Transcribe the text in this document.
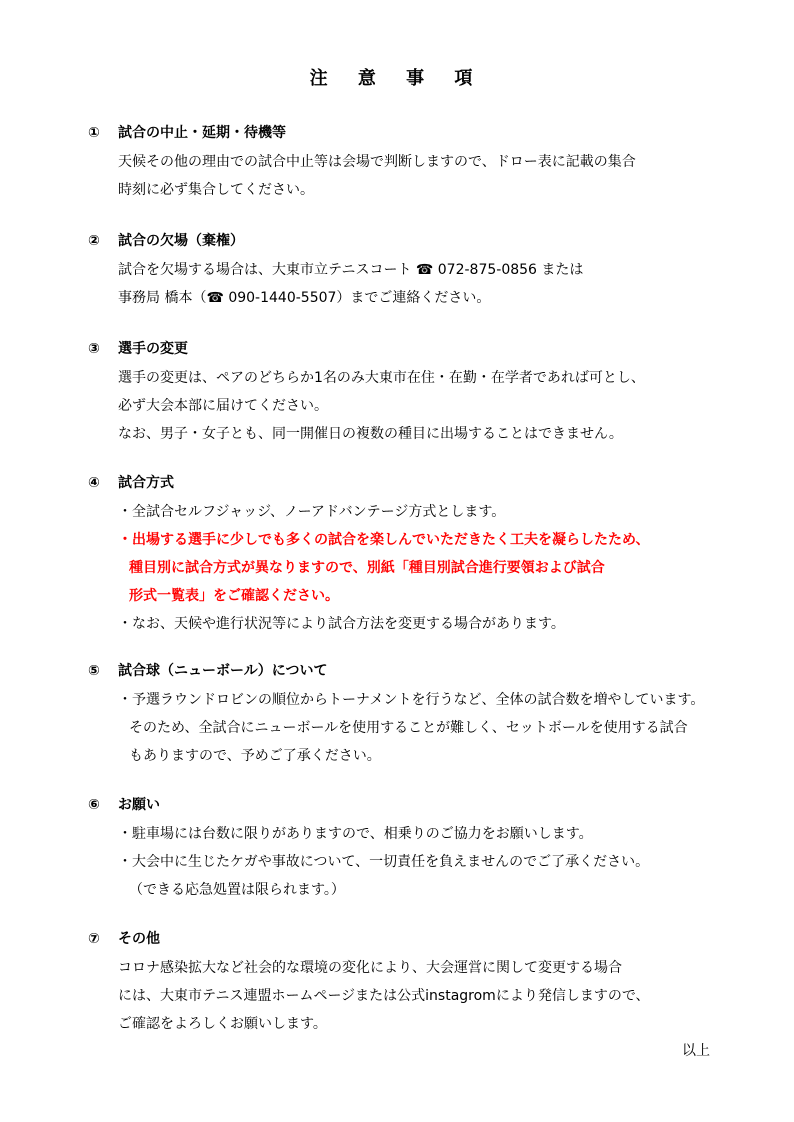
注 意 事 項
①	試合の中止・延期・待機等
天候その他の理由での試合中止等は会場で判断しますので、ドロー表に記載の集合
時刻に必ず集合してください。
②	試合の欠場（棄権）
試合を欠場する場合は、大東市立テニスコート ☎ 072-875-0856 または
事務局 橋本（☎ 090-1440-5507）までご連絡ください。
③	選手の変更
選手の変更は、ペアのどちらか1名のみ大東市在住・在勤・在学者であれば可とし、
必ず大会本部に届けてください。
なお、男子・女子とも、同一開催日の複数の種目に出場することはできません。
④	試合方式
・全試合セルフジャッジ、ノーアドバンテージ方式とします。
・出場する選手に少しでも多くの試合を楽しんでいただきたく工夫を凝らしたため、
種目別に試合方式が異なりますので、別紙「種目別試合進行要領および試合
形式一覧表」をご確認ください。
・なお、天候や進行状況等により試合方法を変更する場合があります。
⑤	試合球（ニューボール）について
・予選ラウンドロビンの順位からトーナメントを行うなど、全体の試合数を増やしています。
そのため、全試合にニューボールを使用することが難しく、セットボールを使用する試合
もありますので、予めご了承ください。
⑥	お願い
・駐車場には台数に限りがありますので、相乗りのご協力をお願いします。
・大会中に生じたケガや事故について、一切責任を負えませんのでご了承ください。
（できる応急処置は限られます。）
⑦	その他
コロナ感染拡大など社会的な環境の変化により、大会運営に関して変更する場合
には、大東市テニス連盟ホームページまたは公式instagromにより発信しますので、
ご確認をよろしくお願いします。
以上
